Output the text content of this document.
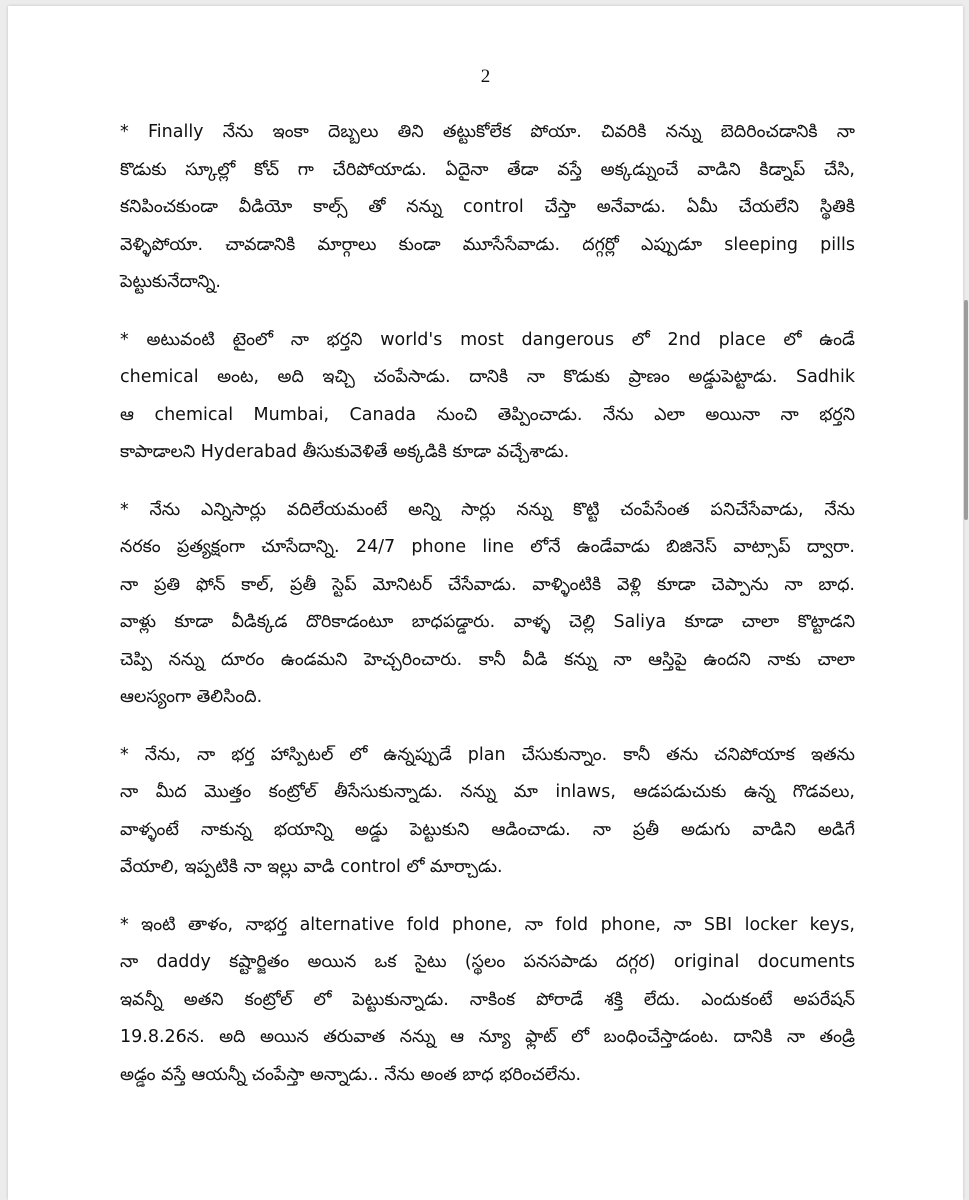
2

* Finally నేను ఇంకా దెబ్బలు తిని తట్టుకోలేక పోయా. చివరికి నన్ను బెదిరించడానికి నా
కొడుకు స్కూల్లో కోచ్ గా చేరిపోయాడు. ఏదైనా తేడా వస్తే అక్కడ్నుంచే వాడిని కిడ్నాప్ చేసి,
కనిపించకుండా వీడియో కాల్స్ తో నన్ను control చేస్తా అనేవాడు. ఏమీ చేయలేని స్థితికి
వెళ్ళిపోయా. చావడానికి మార్గాలు కుండా మూసేసేవాడు. దగ్గర్లో ఎప్పుడూ sleeping pills
పెట్టుకునేదాన్ని.

* అటువంటి టైంలో నా భర్తని world's most dangerous లో 2nd place లో ఉండే
chemical అంట, అది ఇచ్చి చంపేసాడు. దానికి నా కొడుకు ప్రాణం అడ్డుపెట్టాడు. Sadhik
ఆ chemical Mumbai, Canada నుంచి తెప్పించాడు. నేను ఎలా అయినా నా భర్తని
కాపాడాలని Hyderabad తీసుకువెళితే అక్కడికి కూడా వచ్చేశాడు.

* నేను ఎన్నిసార్లు వదిలేయమంటే అన్ని సార్లు నన్ను కొట్టి చంపేసేంత పనిచేసేవాడు, నేను
నరకం ప్రత్యక్షంగా చూసేదాన్ని. 24/7 phone line లోనే ఉండేవాడు బిజినెస్ వాట్సాప్ ద్వారా.
నా ప్రతి ఫోన్ కాల్, ప్రతీ స్టెప్ మోనిటర్ చేసేవాడు. వాళ్ళింటికి వెళ్లి కూడా చెప్పాను నా బాధ.
వాళ్లు కూడా వీడిక్కడ దొరికాడంటూ బాధపడ్డారు. వాళ్ళ చెల్లి Saliya కూడా చాలా కొట్టాడని
చెప్పి నన్ను దూరం ఉండమని హెచ్చరించారు. కానీ వీడి కన్ను నా ఆస్తిపై ఉందని నాకు చాలా
ఆలస్యంగా తెలిసింది.

* నేను, నా భర్త హాస్పిటల్ లో ఉన్నప్పుడే plan చేసుకున్నాం. కానీ తను చనిపోయాక ఇతను
నా మీద మొత్తం కంట్రోల్ తీసేసుకున్నాడు. నన్ను మా inlaws, ఆడపడుచుకు ఉన్న గొడవలు,
వాళ్ళంటే నాకున్న భయాన్ని అడ్డు పెట్టుకుని ఆడించాడు. నా ప్రతీ అడుగు వాడిని అడిగే
వేయాలి, ఇప్పటికి నా ఇల్లు వాడి control లో మార్చాడు.

* ఇంటి తాళం, నాభర్త alternative fold phone, నా fold phone, నా SBI locker keys,
నా daddy కష్టార్జితం అయిన ఒక సైటు (స్థలం పనసపాడు దగ్గర) original documents
ఇవన్నీ అతని కంట్రోల్ లో పెట్టుకున్నాడు. నాకింక పోరాడే శక్తి లేదు. ఎందుకంటే అపరేషన్
19.8.26న. అది అయిన తరువాత నన్ను ఆ న్యూ ఫ్లాట్ లో బంధించేస్తాడంట. దానికి నా తండ్రి
అడ్డం వస్తే ఆయన్నీ చంపేస్తా అన్నాడు.. నేను అంత బాధ భరించలేను.
